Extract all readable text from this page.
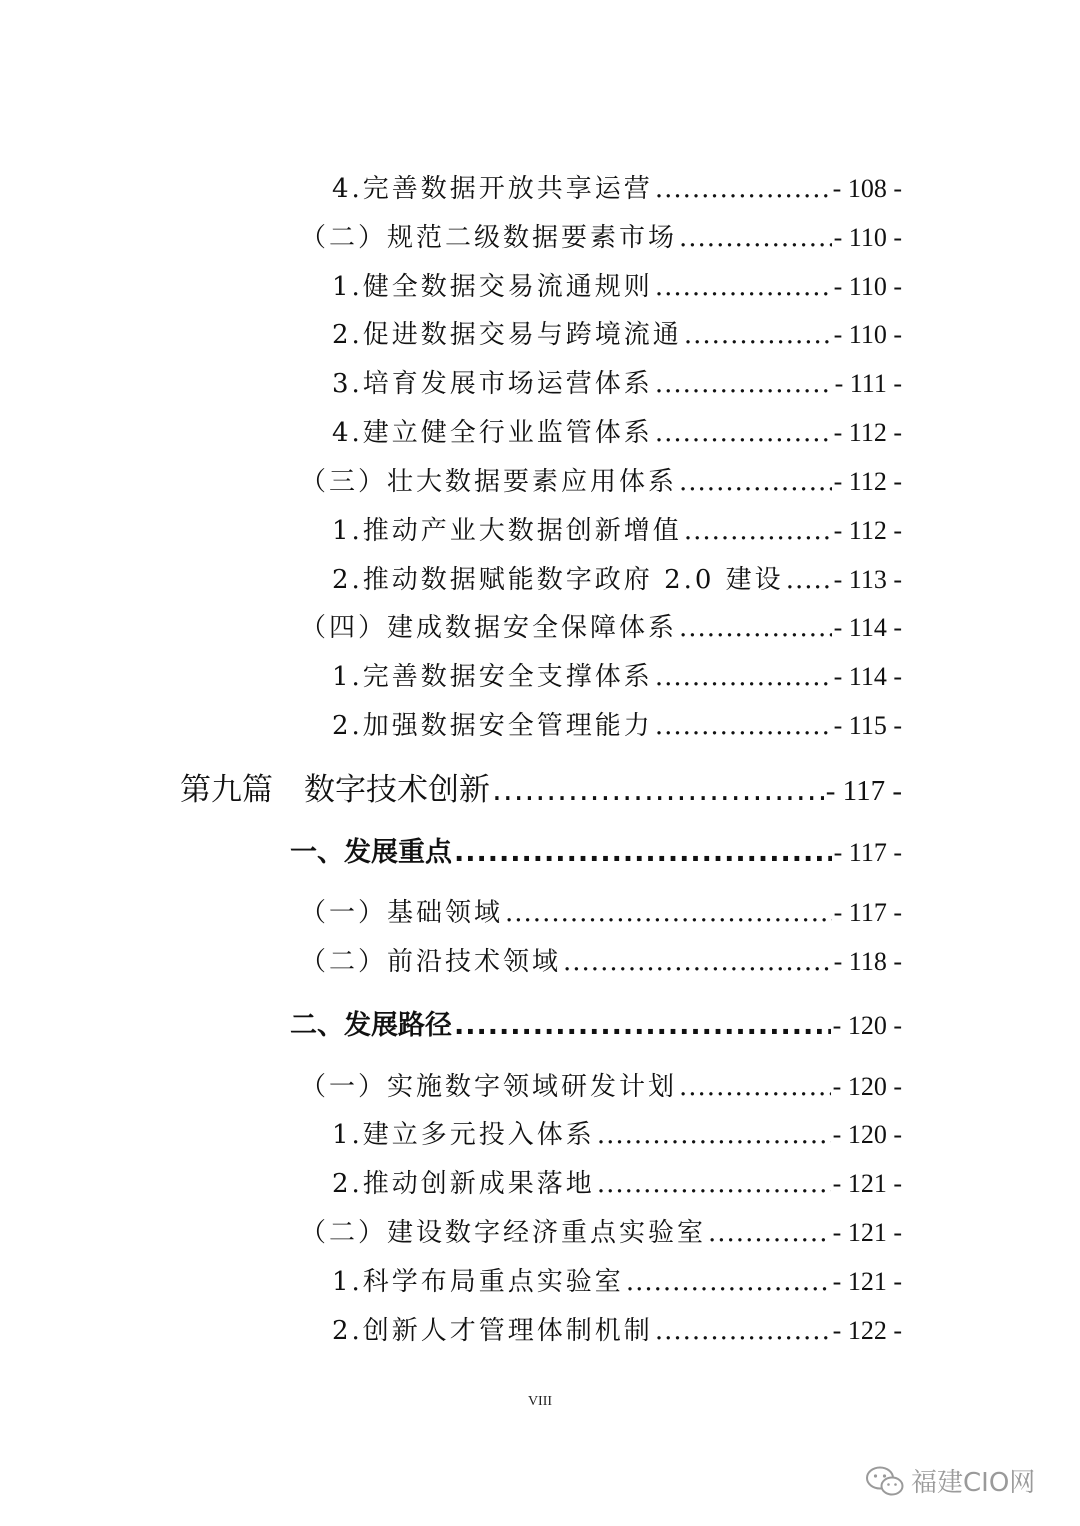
4.完善数据开放共享运营 .....	- 108 -
（二）规范二级数据要素市场 .....	- 110 -
1.健全数据交易流通规则 .....	- 110 -
2.促进数据交易与跨境流通 .....	- 110 -
3.培育发展市场运营体系 .....	- 111 -
4.建立健全行业监管体系 .....	- 112 -
（三）壮大数据要素应用体系 .....	- 112 -
1.推动产业大数据创新增值 .....	- 112 -
2.推动数据赋能数字政府 2.0 建设 ..... - 113 -
（四）建成数据安全保障体系 .....	- 114 -
1.完善数据安全支撑体系 .....	- 114 -
2.加强数据安全管理能力 .....	- 115 -
第九篇　数字技术创新 .....	- 117 -
一、发展重点 .....	- 117 -
（一）基础领域 .....	- 117 -
（二）前沿技术领域 .....	- 118 -
二、发展路径 .....	- 120 -
（一）实施数字领域研发计划 .....	- 120 -
1.建立多元投入体系 .....	- 120 -
2.推动创新成果落地 .....	- 121 -
（二）建设数字经济重点实验室 .....	- 121 -
1.科学布局重点实验室 .....	- 121 -
2.创新人才管理体制机制 .....	- 122 -
VIII
福建CIO网
